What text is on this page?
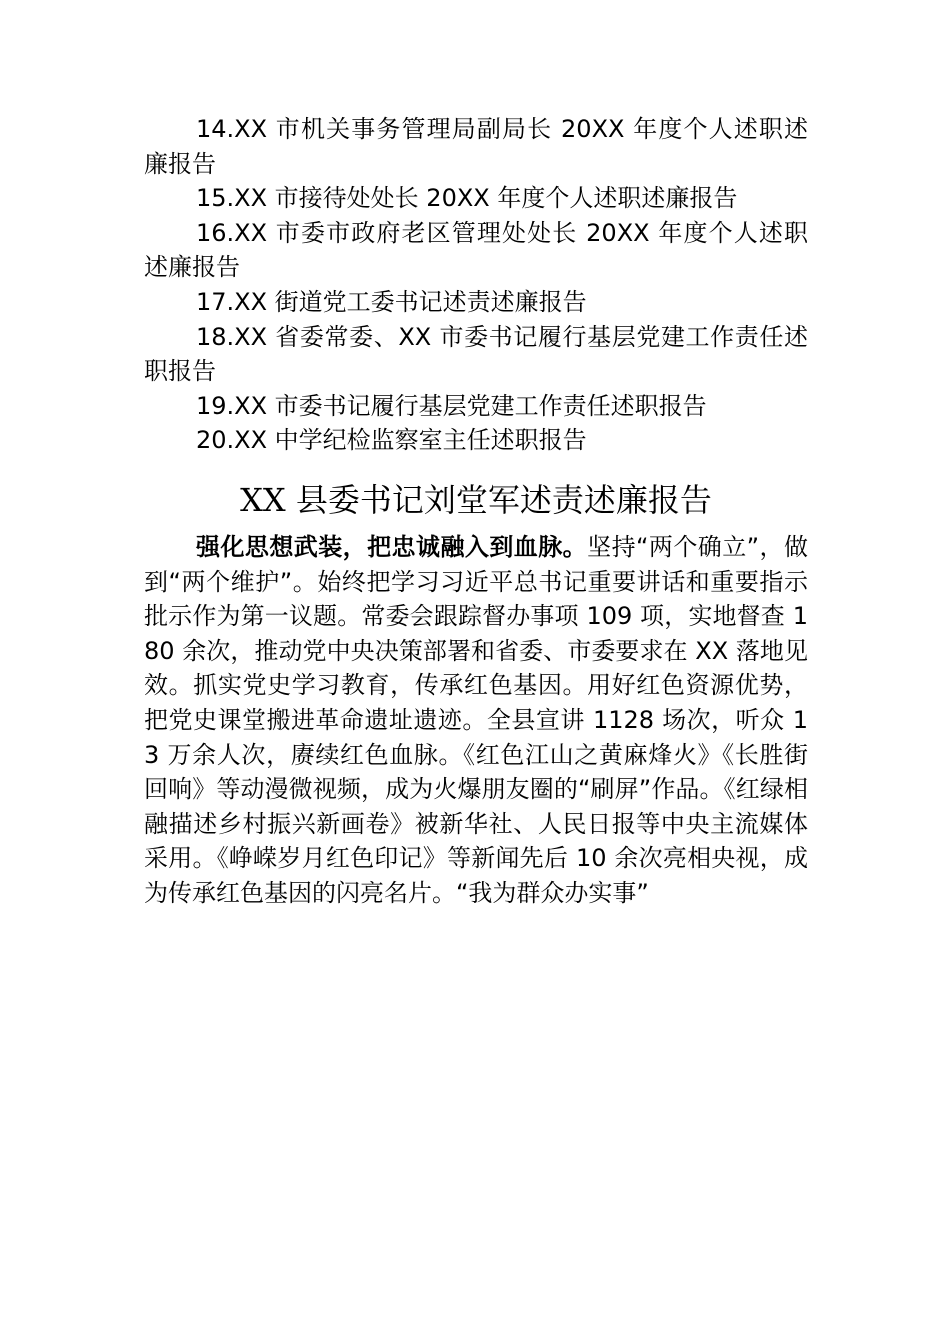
14.XX 市机关事务管理局副局长 20XX 年度个人述职述廉报告

15.XX 市接待处处长 20XX 年度个人述职述廉报告

16.XX 市委市政府老区管理处处长 20XX 年度个人述职述廉报告

17.XX 街道党工委书记述责述廉报告

18.XX 省委常委、XX 市委书记履行基层党建工作责任述职报告

19.XX 市委书记履行基层党建工作责任述职报告

20.XX 中学纪检监察室主任述职报告

XX 县委书记刘堂军述责述廉报告

强化思想武装，把忠诚融入到血脉。坚持“两个确立”，做到“两个维护”。始终把学习习近平总书记重要讲话和重要指示批示作为第一议题。常委会跟踪督办事项 109 项，实地督查 180 余次，推动党中央决策部署和省委、市委要求在 XX 落地见效。抓实党史学习教育，传承红色基因。用好红色资源优势，把党史课堂搬进革命遗址遗迹。全县宣讲 1128 场次，听众 13 万余人次，赓续红色血脉。《红色江山之黄麻烽火》《长胜街回响》等动漫微视频，成为火爆朋友圈的“刷屏”作品。《红绿相融描述乡村振兴新画卷》被新华社、人民日报等中央主流媒体采用。《峥嵘岁月红色印记》等新闻先后 10 余次亮相央视，成为传承红色基因的闪亮名片。“我为群众办实事”
